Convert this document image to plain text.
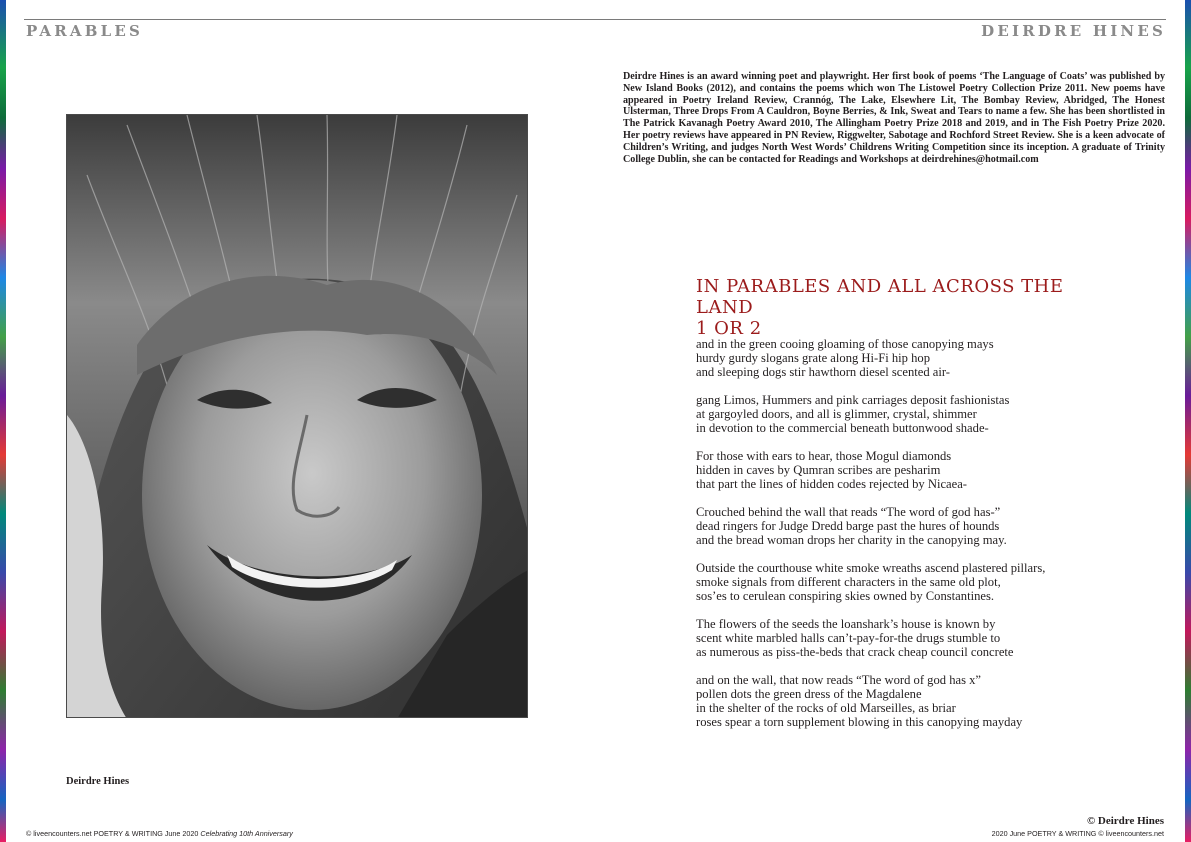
PARABLES	DEIRDRE HINES
Deirdre Hines is an award winning poet and playwright. Her first book of poems ‘The Language of Coats’ was published by New Island Books (2012), and contains the poems which won The Listowel Poetry Collection Prize 2011. New poems have appeared in Poetry Ireland Review, Crannóg, The Lake, Elsewhere Lit, The Bombay Review, Abridged, The Honest Ulsterman, Three Drops From A Cauldron, Boyne Berries, & Ink, Sweat and Tears to name a few. She has been shortlisted in The Patrick Kavanagh Poetry Award 2010, The Allingham Poetry Prize 2018 and 2019, and in The Fish Poetry Prize 2020. Her poetry reviews have appeared in PN Review, Riggwelter, Sabotage and Rochford Street Review. She is a keen advocate of Children’s Writing, and judges North West Words’ Childrens Writing Competition since its inception. A graduate of Trinity College Dublin, she can be contacted for Readings and Workshops at deirdrehines@hotmail.com
Deirdre Hines
IN PARABLES AND ALL ACROSS THE LAND
1 OR 2
and in the green cooing gloaming of those canopying mays
hurdy gurdy slogans grate along Hi-Fi hip hop
and sleeping dogs stir hawthorn diesel scented air-
gang Limos, Hummers and pink carriages deposit fashionistas
at gargoyled doors, and all is glimmer, crystal, shimmer
in devotion to the commercial beneath buttonwood shade-
For those with ears to hear, those Mogul diamonds
hidden in caves by Qumran scribes are pesharim
that part the lines of hidden codes rejected by Nicaea-
Crouched behind the wall that reads “The word of god has-”
dead ringers for Judge Dredd barge past the hures of hounds
and the bread woman drops her charity in the canopying may.
Outside the courthouse white smoke wreaths ascend plastered pillars,
smoke signals from different characters in the same old plot,
sos’es to cerulean conspiring skies owned by Constantines.
The flowers of the seeds the loanshark’s house is known by
scent white marbled halls can’t-pay-for-the drugs stumble to
as numerous as piss-the-beds that crack cheap council concrete
and on the wall, that now reads “The word of god has x”
pollen dots the green dress of the Magdalene
in the shelter of the rocks of old Marseilles, as briar
roses spear a torn supplement blowing in this canopying mayday
© Deirdre Hines
© liveencounters.net POETRY & WRITING June 2020 Celebrating 10th Anniversary	2020 June POETRY & WRITING © liveencounters.net
